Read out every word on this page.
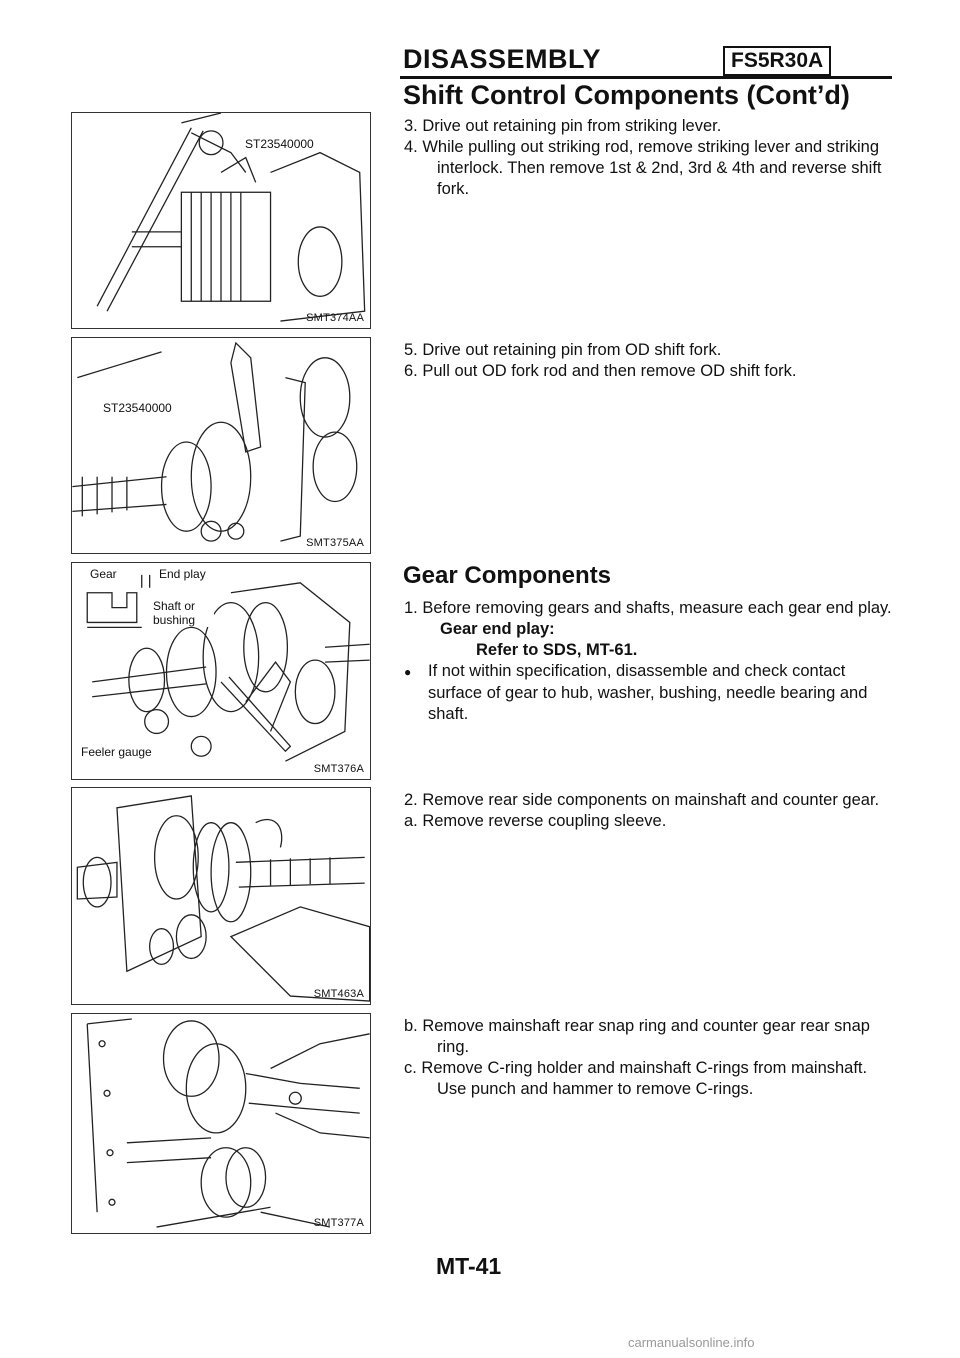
DISASSEMBLY	FS5R30A
Shift Control Components (Cont’d)
ST23540000
SMT374AA
ST23540000
SMT375AA
Gear	End play
Shaft or bushing
Feeler gauge
SMT376A
SMT463A
SMT377A

3. Drive out retaining pin from striking lever.

4. While pulling out striking rod, remove striking lever and striking interlock. Then remove 1st & 2nd, 3rd & 4th and reverse shift fork.

5. Drive out retaining pin from OD shift fork.

6. Pull out OD fork rod and then remove OD shift fork.

Gear Components

1. Before removing gears and shafts, measure each gear end play.

Gear end play:

Refer to SDS, MT-61.

● If not within specification, disassemble and check contact surface of gear to hub, washer, bushing, needle bearing and shaft.

2. Remove rear side components on mainshaft and counter gear.

a. Remove reverse coupling sleeve.

b. Remove mainshaft rear snap ring and counter gear rear snap ring.

c. Remove C-ring holder and mainshaft C-rings from mainshaft. Use punch and hammer to remove C-rings.

MT-41
carmanualsonline.info
